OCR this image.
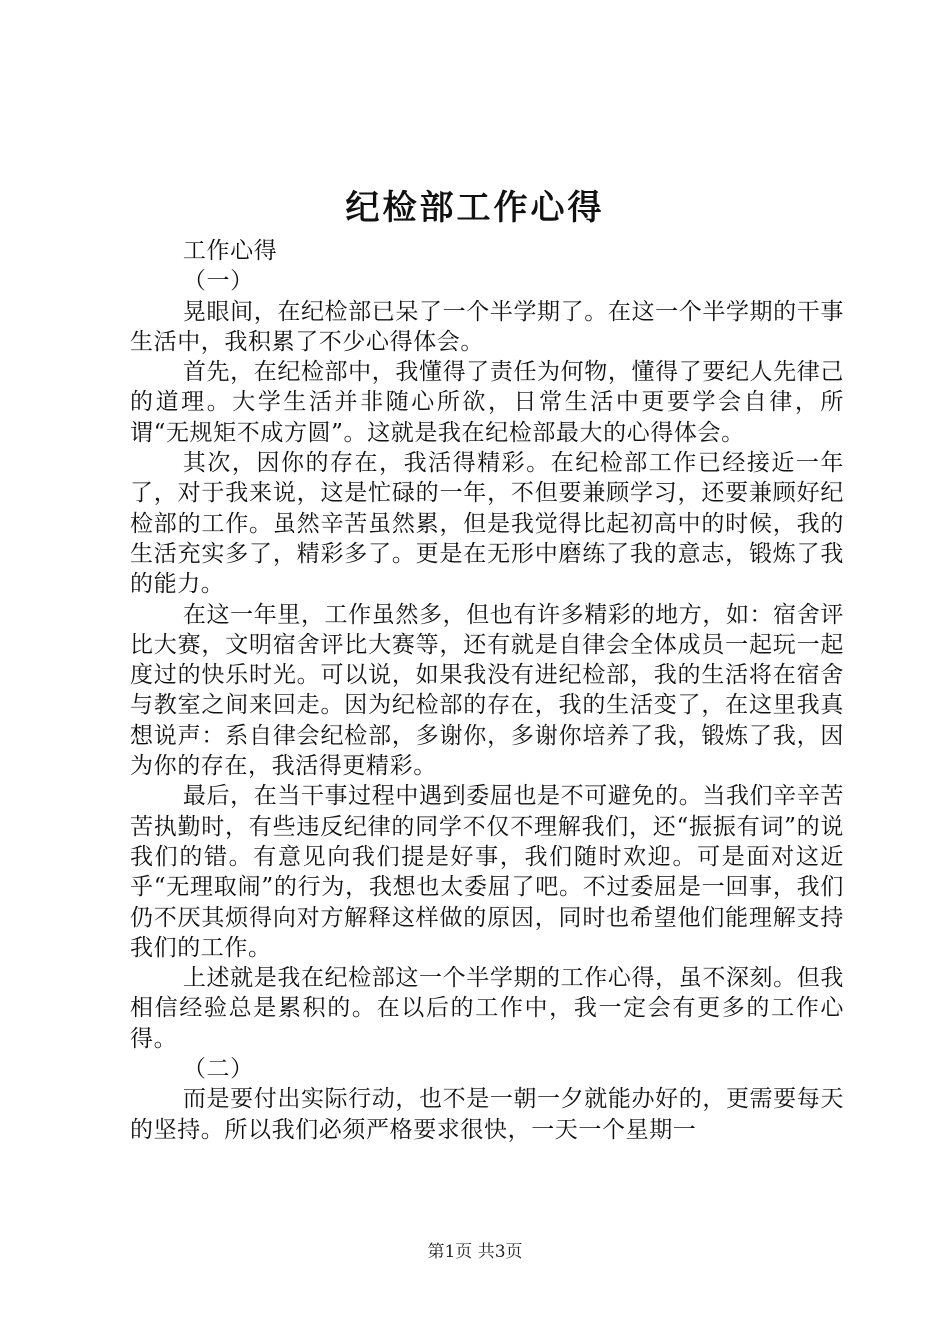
纪检部工作心得

工作心得

（一）

晃眼间，在纪检部已呆了一个半学期了。在这一个半学期的干事生活中，我积累了不少心得体会。

首先，在纪检部中，我懂得了责任为何物，懂得了要纪人先律己的道理。大学生活并非随心所欲，日常生活中更要学会自律，所谓“无规矩不成方圆”。这就是我在纪检部最大的心得体会。

其次，因你的存在，我活得精彩。在纪检部工作已经接近一年了，对于我来说，这是忙碌的一年，不但要兼顾学习，还要兼顾好纪检部的工作。虽然辛苦虽然累，但是我觉得比起初高中的时候，我的生活充实多了，精彩多了。更是在无形中磨练了我的意志，锻炼了我的能力。

在这一年里，工作虽然多，但也有许多精彩的地方，如：宿舍评比大赛，文明宿舍评比大赛等，还有就是自律会全体成员一起玩一起度过的快乐时光。可以说，如果我没有进纪检部，我的生活将在宿舍与教室之间来回走。因为纪检部的存在，我的生活变了，在这里我真想说声：系自律会纪检部，多谢你，多谢你培养了我，锻炼了我，因为你的存在，我活得更精彩。

最后，在当干事过程中遇到委屈也是不可避免的。当我们辛辛苦苦执勤时，有些违反纪律的同学不仅不理解我们，还“振振有词”的说我们的错。有意见向我们提是好事，我们随时欢迎。可是面对这近乎“无理取闹”的行为，我想也太委屈了吧。不过委屈是一回事，我们仍不厌其烦得向对方解释这样做的原因，同时也希望他们能理解支持我们的工作。

上述就是我在纪检部这一个半学期的工作心得，虽不深刻。但我相信经验总是累积的。在以后的工作中，我一定会有更多的工作心得。

（二）

而是要付出实际行动，也不是一朝一夕就能办好的，更需要每天的坚持。所以我们必须严格要求很快，一天一个星期一

第1页 共3页
